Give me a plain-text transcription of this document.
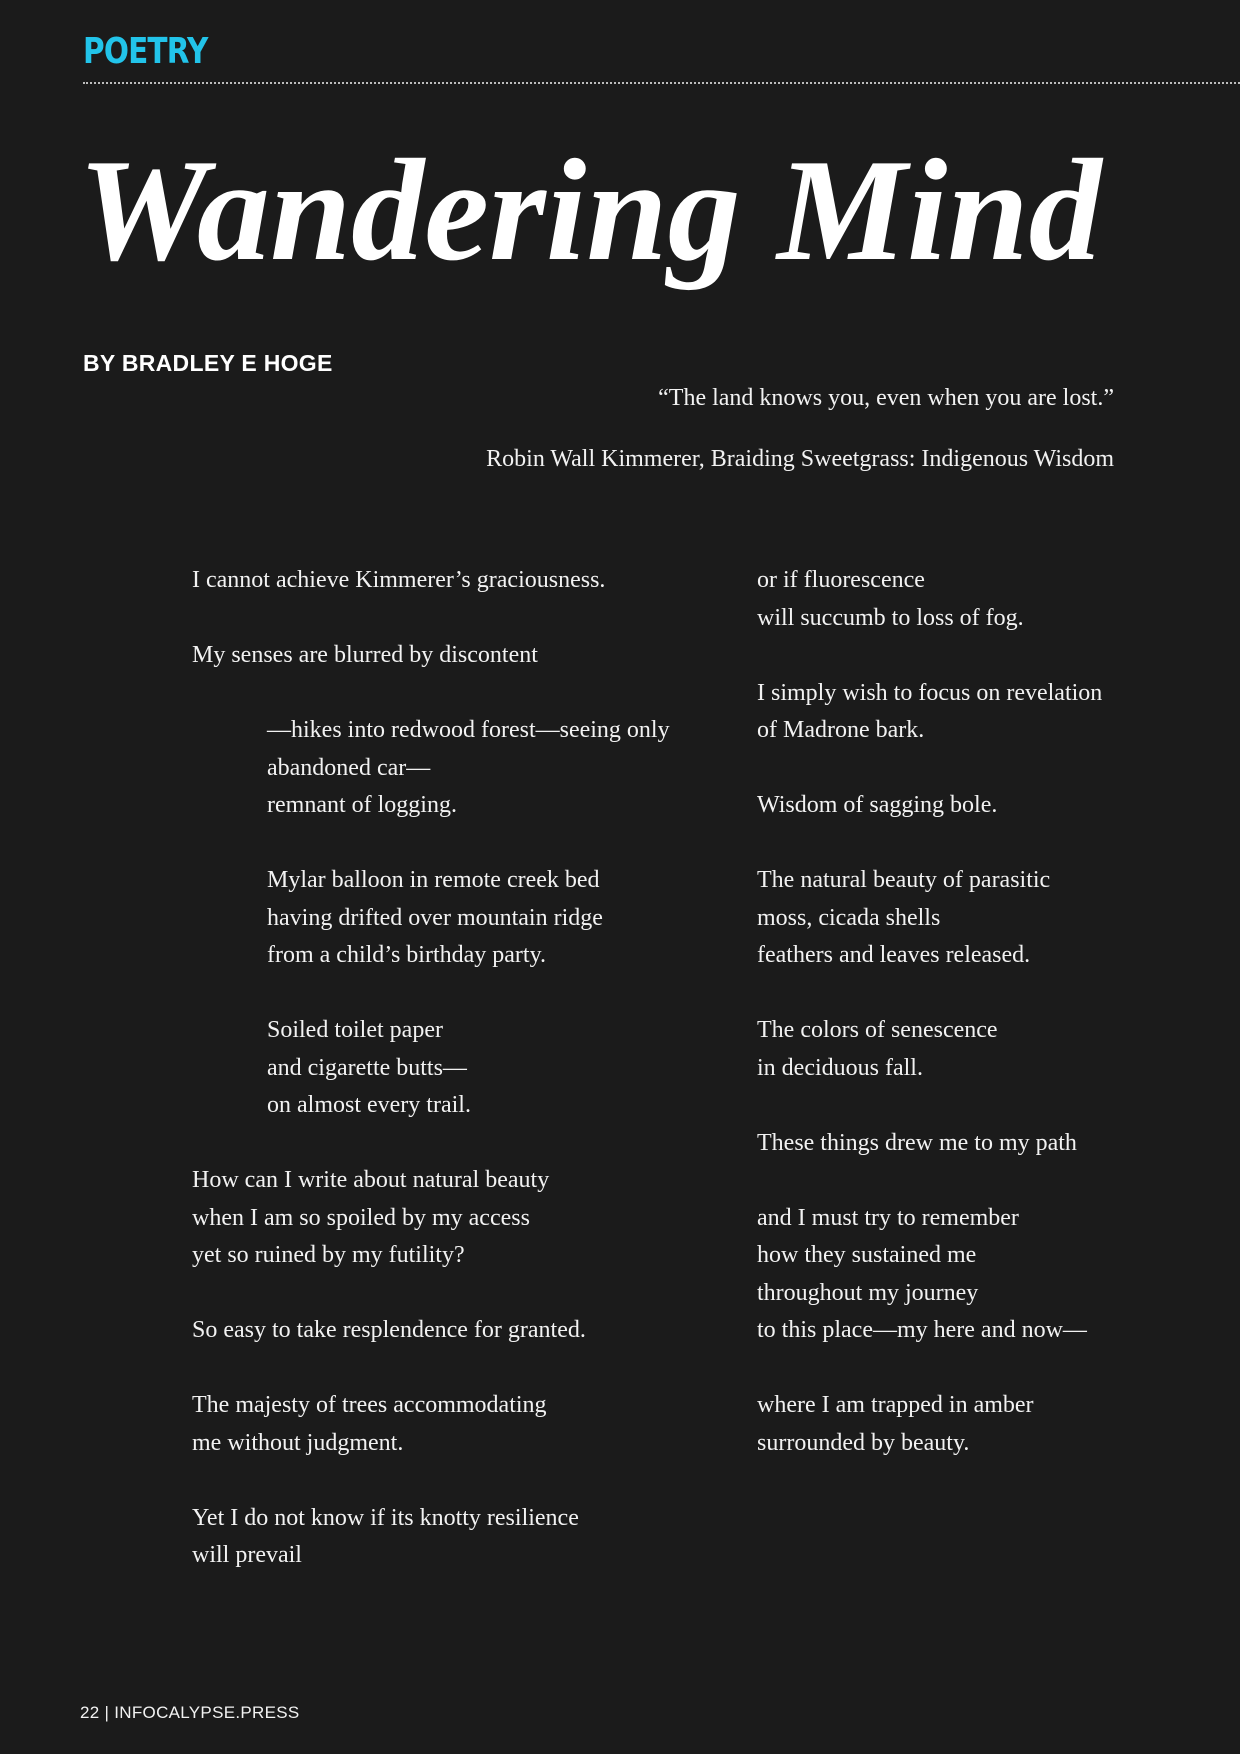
POETRY
Wandering Mind
BY BRADLEY E HOGE

“The land knows you, even when you are lost.”

Robin Wall Kimmerer, Braiding Sweetgrass: Indigenous Wisdom

I cannot achieve Kimmerer’s graciousness.
My senses are blurred by discontent
—hikes into redwood forest—seeing only
abandoned car—
remnant of logging.
Mylar balloon in remote creek bed
having drifted over mountain ridge
from a child’s birthday party.
Soiled toilet paper
and cigarette butts—
on almost every trail.
How can I write about natural beauty
when I am so spoiled by my access
yet so ruined by my futility?
So easy to take resplendence for granted.
The majesty of trees accommodating
me without judgment.
Yet I do not know if its knotty resilience
will prevail
or if fluorescence
will succumb to loss of fog.
I simply wish to focus on revelation
of Madrone bark.
Wisdom of sagging bole.
The natural beauty of parasitic
moss, cicada shells
feathers and leaves released.
The colors of senescence
in deciduous fall.
These things drew me to my path
and I must try to remember
how they sustained me
throughout my journey
to this place—my here and now—
where I am trapped in amber
surrounded by beauty.
22 | INFOCALYPSE.PRESS
